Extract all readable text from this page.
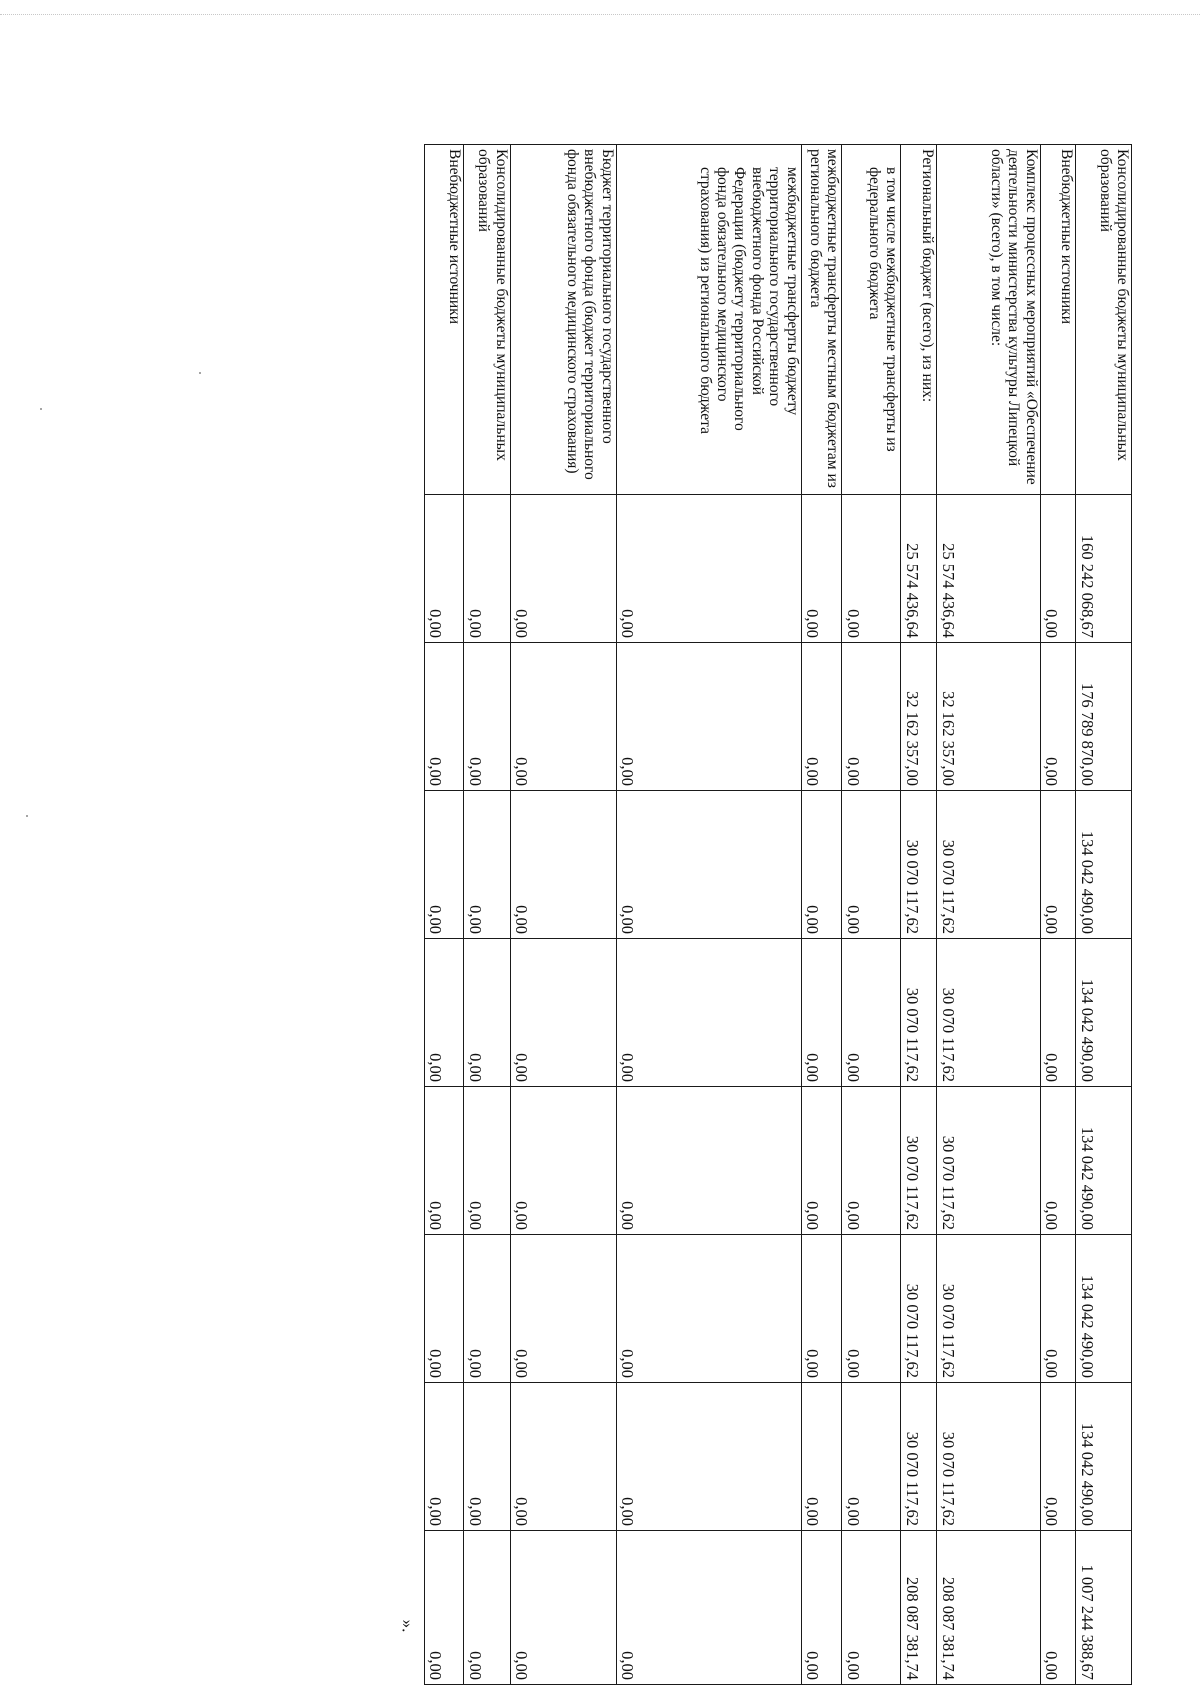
Консолидированные бюджеты муниципальных образований	160 242 068,67	176 789 870,00	134 042 490,00	134 042 490,00	134 042 490,00	134 042 490,00	134 042 490,00	1 007 244 388,67
Внебюджетные источники	0,00	0,00	0,00	0,00	0,00	0,00	0,00	0,00
Комплекс процессных мероприятий «Обеспечение деятельности министерства культуры Липецкой области» (всего), в том числе:	25 574 436,64	32 162 357,00	30 070 117,62	30 070 117,62	30 070 117,62	30 070 117,62	30 070 117,62	208 087 381,74
Региональный бюджет (всего), из них:	25 574 436,64	32 162 357,00	30 070 117,62	30 070 117,62	30 070 117,62	30 070 117,62	30 070 117,62	208 087 381,74
в том числе межбюджетные трансферты из федерального бюджета	0,00	0,00	0,00	0,00	0,00	0,00	0,00	0,00
межбюджетные трансферты местным бюджетам из регионального бюджета	0,00	0,00	0,00	0,00	0,00	0,00	0,00	0,00
межбюджетные трансферты бюджету территориального государственного внебюджетного фонда Российской Федерации (бюджету территориального фонда обязательного медицинского страхования) из регионального бюджета	0,00	0,00	0,00	0,00	0,00	0,00	0,00	0,00
Бюджет территориального государственного внебюджетного фонда (бюджет территориального фонда обязательного медицинского страхования)	0,00	0,00	0,00	0,00	0,00	0,00	0,00	0,00
Консолидированные бюджеты муниципальных образований	0,00	0,00	0,00	0,00	0,00	0,00	0,00	0,00
Внебюджетные источники	0,00	0,00	0,00	0,00	0,00	0,00	0,00	0,00
».
